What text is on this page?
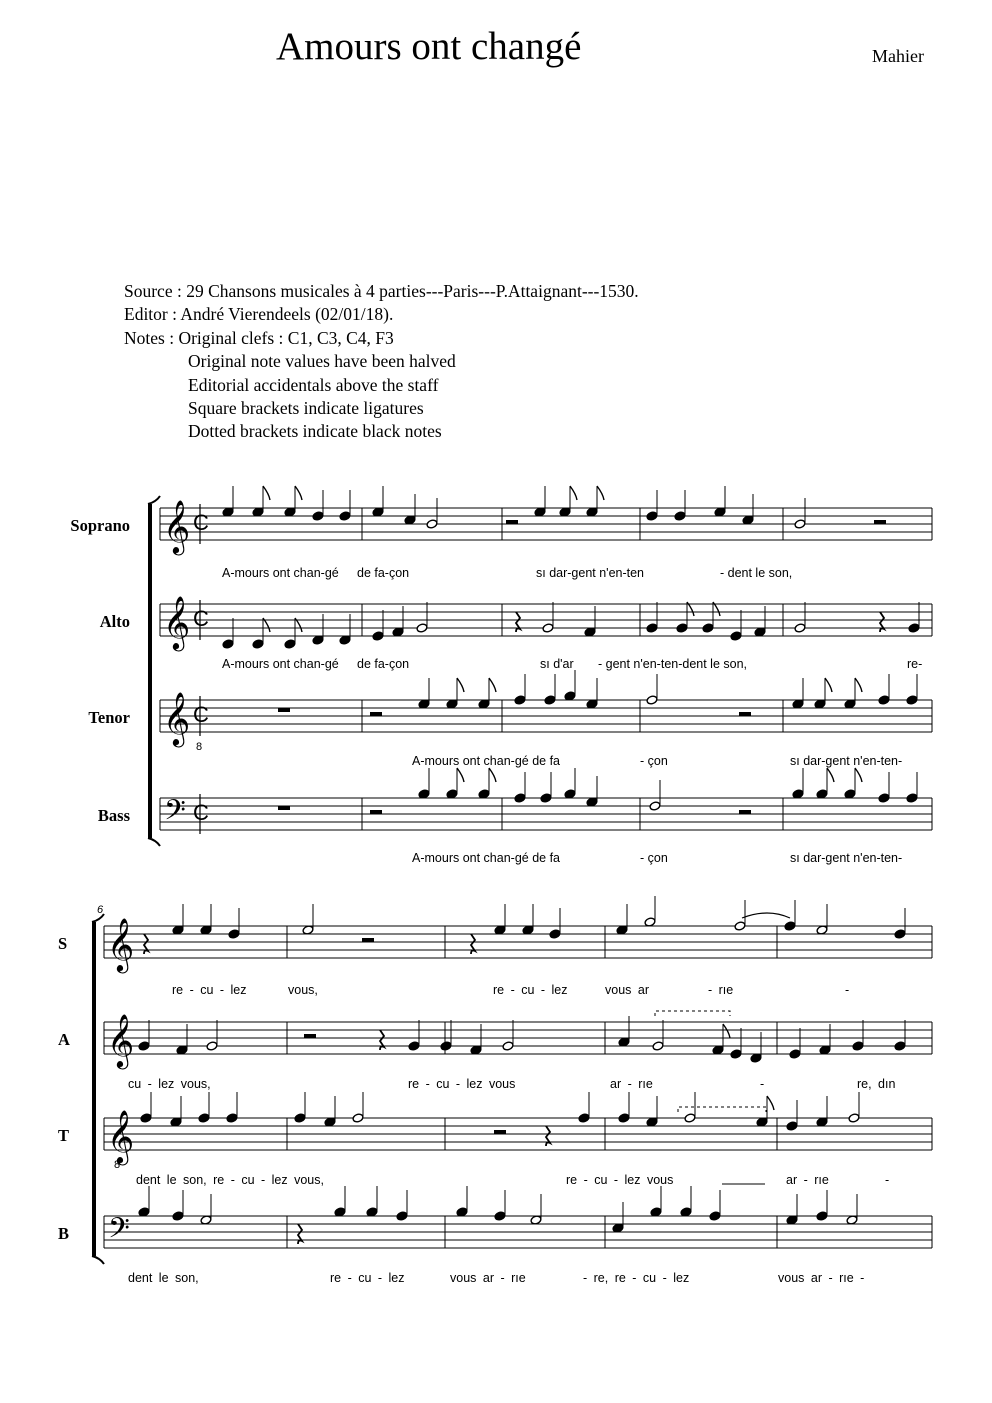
Amours ont changé	Mahier
Source : 29 Chansons musicales à 4 parties---Paris---P.Attaignant---1530.
Editor : André Vierendeels (02/01/18).
Notes : Original clefs : C1, C3, C4, F3
Original note values have been halved
Editorial accidentals above the staff
Square brackets indicate ligatures
Dotted brackets indicate black notes
Soprano
Alto
Tenor
Bass
S
A
T
B
𝄞
𝄞
𝄞
𝄢
𝄞
𝄞
𝄞
𝄢
C
C
C
C
8
8
6
A-mours ont chan-gé de fa-çon	sı dar-gent n'en-ten	- dent le son,
A-mours ont chan-gé de fa-çon	sı d'ar - gent n'en-ten-dent le son,	re-
A-mours ont chan-gé de fa	- çon	sı dar-gent n'en-ten-
A-mours ont chan-gé de fa	- çon	sı dar-gent n'en-ten-
re - cu - lez	vous,	re - cu - lez	vous ar	- rıe	-
cu - lez vous,	re - cu - lez vous	ar - rıe	-	re, dın
dent le son, re - cu - lez vous,	re - cu - lez vous	ar - rıe	-
dent le son,	re - cu - lez	vous ar - rıe	- re, re - cu - lez	vous ar - rıe -
